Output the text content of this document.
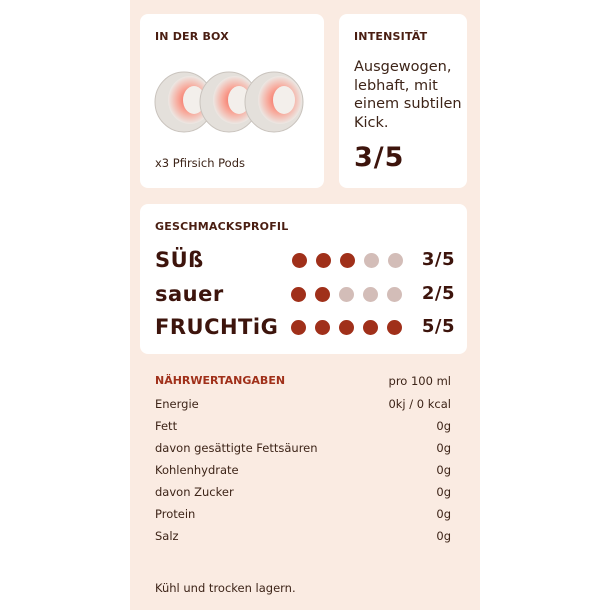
IN DER BOX
x3 Pfirsich Pods
INTENSITÄT
Ausgewogen, lebhaft, mit einem subtilen Kick.
3/5
GESCHMACKSPROFIL
SÜß	3/5
sauer	2/5
FRUCHTiG	5/5
NÄHRWERTANGABEN	pro 100 ml
Energie	0kj / 0 kcal
Fett	0g
davon gesättigte Fettsäuren	0g
Kohlenhydrate	0g
davon Zucker	0g
Protein	0g
Salz	0g
Kühl und trocken lagern.
